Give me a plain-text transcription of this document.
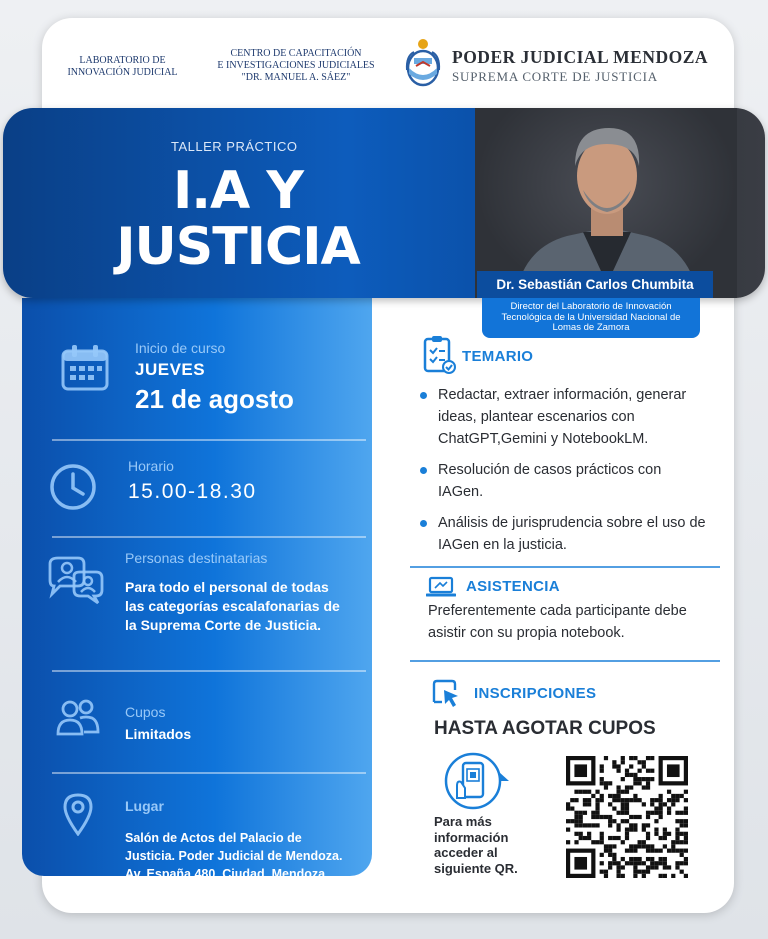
LABORATORIO DE
INNOVACIÓN JUDICIAL
CENTRO DE CAPACITACIÓN
E INVESTIGACIONES JUDICIALES
"DR. MANUEL A. SÁEZ"
PODER JUDICIAL MENDOZA
SUPREMA CORTE DE JUSTICIA
Inicio de curso
JUEVES
21 de agosto
Horario
15.00-18.30
Personas destinatarias
Para todo el personal de todas
las categorías escalafonarias de
la Suprema Corte de Justicia.
Cupos
Limitados
Lugar
Salón de Actos del Palacio de
Justicia. Poder Judicial de Mendoza.
Av. España 480. Ciudad. Mendoza.
TALLER PRÁCTICO
I.A Y
JUSTICIA
Dr. Sebastián Carlos Chumbita
Director del Laboratorio de Innovación
Tecnológica de la Universidad Nacional de
Lomas de Zamora
TEMARIO
Redactar, extraer información, generar ideas, plantear escenarios con ChatGPT,Gemini y NotebookLM.
Resolución de casos prácticos con IAGen.
Análisis de jurisprudencia sobre el uso de IAGen en la justicia.
ASISTENCIA
Preferentemente cada participante debe asistir con su propia notebook.
INSCRIPCIONES
HASTA AGOTAR CUPOS
Para más
información
acceder al
siguiente QR.
